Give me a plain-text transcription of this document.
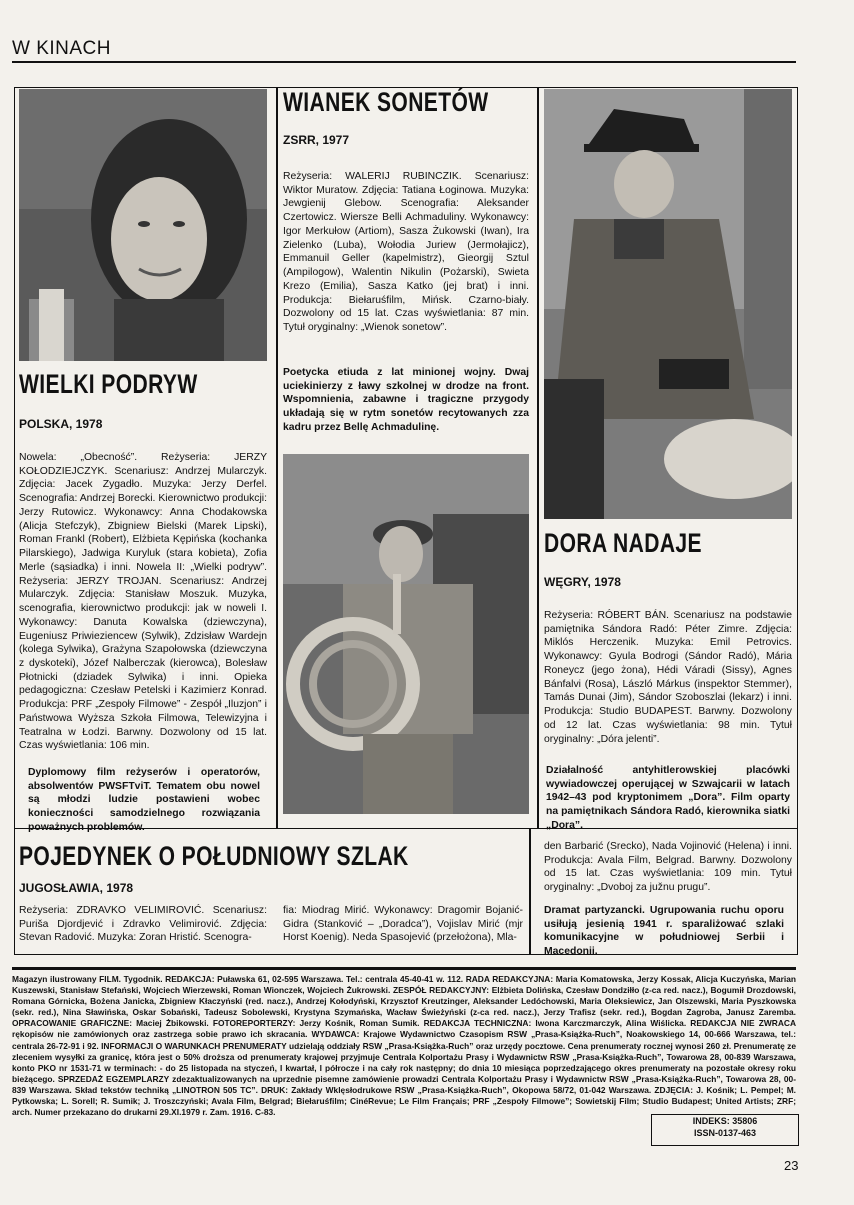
W KINACH
WIELKI PODRYW
POLSKA, 1978
Nowela: „Obecność”. Reżyseria: JERZY KOŁODZIEJCZYK. Scenariusz: Andrzej Mularczyk. Zdjęcia: Jacek Zygadło. Muzyka: Jerzy Derfel. Scenografia: Andrzej Borecki. Kierownictwo produkcji: Jerzy Rutowicz. Wykonawcy: Anna Chodakowska (Alicja Stefczyk), Zbigniew Bielski (Marek Lipski), Roman Frankl (Robert), Elżbieta Kępińska (kochanka Pilarskiego), Jadwiga Kuryluk (stara kobieta), Zofia Merle (sąsiadka) i inni. Nowela II: „Wielki podryw”. Reżyseria: JERZY TROJAN. Scenariusz: Andrzej Mularczyk. Zdjęcia: Stanisław Moszuk. Muzyka, scenografia, kierownictwo produkcji: jak w noweli I. Wykonawcy: Danuta Kowalska (dziewczyna), Eugeniusz Priwieziencew (Sylwik), Zdzisław Wardejn (kolega Sylwika), Grażyna Szapołowska (dziewczyna z dyskoteki), Józef Nalberczak (kierowca), Bolesław Płotnicki (dziadek Sylwika) i inni. Opieka pedagogiczna: Czesław Petelski i Kazimierz Konrad. Produkcja: PRF „Zespoły Filmowe” - Zespół „Iluzjon” i Państwowa Wyższa Szkoła Filmowa, Telewizyjna i Teatralna w Łodzi. Barwny. Dozwolony od 15 lat. Czas wyświetlania: 106 min.
Dyplomowy film reżyserów i operatorów, absolwentów PWSFTviT. Tematem obu nowel są młodzi ludzie postawieni wobec konieczności samodzielnego rozwiązania poważnych problemów.
WIANEK SONETÓW
ZSRR, 1977
Reżyseria: WALERIJ RUBINCZIK. Scenariusz: Wiktor Muratow. Zdjęcia: Tatiana Łoginowa. Muzyka: Jewgienij Glebow. Scenografia: Aleksander Czertowicz. Wiersze Belli Achmaduliny. Wykonawcy: Igor Merkułow (Artiom), Sasza Żukowski (Iwan), Ira Zielenko (Luba), Wołodia Juriew (Jermołajicz), Emmanuil Geller (kapelmistrz), Gieorgij Sztul (Ampilogow), Walentin Nikulin (Pożarski), Swieta Krezo (Emilia), Sasza Katko (jej brat) i inni. Produkcja: Biełaruśfilm, Mińsk. Czarno-biały. Dozwolony od 15 lat. Czas wyświetlania: 87 min. Tytuł oryginalny: „Wienok sonetow”.
Poetycka etiuda z lat minionej wojny. Dwaj uciekinierzy z ławy szkolnej w drodze na front. Wspomnienia, zabawne i tragiczne przygody układają się w rytm sonetów recytowanych zza kadru przez Bellę Achmadulinę.
DORA NADAJE
WĘGRY, 1978
Reżyseria: RÓBERT BÁN. Scenariusz na podstawie pamiętnika Sándora Radó: Péter Zimre. Zdjęcia: Miklós Herczenik. Muzyka: Emil Petrovics. Wykonawcy: Gyula Bodrogi (Sándor Radó), Mária Roneycz (jego żona), Hédi Váradi (Sissy), Agnes Bánfalvi (Rosa), László Márkus (inspektor Stemmer), Tamás Dunai (Jim), Sándor Szoboszlai (lekarz) i inni. Produkcja: Studio BUDAPEST. Barwny. Dozwolony od 12 lat. Czas wyświetlania: 98 min. Tytuł oryginalny: „Dóra jelenti”.
Działalność antyhitlerowskiej placówki wywiadowczej operującej w Szwajcarii w latach 1942–43 pod kryptonimem „Dora”. Film oparty na pamiętnikach Sándora Radó, kierownika siatki „Dora”.
POJEDYNEK O POŁUDNIOWY SZLAK
JUGOSŁAWIA, 1978
Reżyseria: ZDRAVKO VELIMIROVIĆ. Scenariusz: Puriša Djordjević i Zdravko Velimirović. Zdjęcia: Stevan Radović. Muzyka: Zoran Hristić. Scenogra-
fia: Miodrag Mirić. Wykonawcy: Dragomir Bojanić-Gidra (Stanković – „Doradca”), Vojislav Mirić (mjr Horst Koenig). Neda Spasojević (przełożona), Mla-
den Barbarić (Srecko), Nada Vojinović (Helena) i inni. Produkcja: Avala Film, Belgrad. Barwny. Dozwolony od 15 lat. Czas wyświetlania: 109 min. Tytuł oryginalny: „Dvoboj za južnu prugu”.
Dramat partyzancki. Ugrupowania ruchu oporu usiłują jesienią 1941 r. sparaliżować szlaki komunikacyjne w południowej Serbii i Macedonii.
Magazyn ilustrowany FILM. Tygodnik. REDAKCJA: Puławska 61, 02-595 Warszawa. Tel.: centrala 45-40-41 w. 112. RADA REDAKCYJNA: Maria Komatowska, Jerzy Kossak, Alicja Kuczyńska, Marian Kuszewski, Stanisław Stefański, Wojciech Wierzewski, Roman Wionczek, Wojciech Żukrowski. ZESPÓŁ REDAKCYJNY: Elżbieta Dolińska, Czesław Dondziłło (z-ca red. nacz.), Bogumił Drozdowski, Romana Górnicka, Bożena Janicka, Zbigniew Kłaczyński (red. nacz.), Andrzej Kołodyński, Krzysztof Kreutzinger, Aleksander Ledóchowski, Maria Oleksiewicz, Jan Olszewski, Maria Pyszkowska (sekr. red.), Nina Sławińska, Oskar Sobański, Tadeusz Sobolewski, Krystyna Szymańska, Wacław Świeżyński (z-ca red. nacz.), Jerzy Trafisz (sekr. red.), Bogdan Zagroba, Janusz Zaremba. OPRACOWANIE GRAFICZNE: Maciej Żbikowski. FOTOREPORTERZY: Jerzy Kośnik, Roman Sumik. REDAKCJA TECHNICZNA: Iwona Karczmarczyk, Alina Wiślicka. REDAKCJA NIE ZWRACA rękopisów nie zamówionych oraz zastrzega sobie prawo ich skracania. WYDAWCA: Krajowe Wydawnictwo Czasopism RSW „Prasa-Książka-Ruch”, Noakowskiego 14, 00-666 Warszawa, tel.: centrala 26-72-91 i 92. INFORMACJI O WARUNKACH PRENUMERATY udzielają oddziały RSW „Prasa-Książka-Ruch” oraz urzędy pocztowe. Cena prenumeraty rocznej wynosi 260 zł. Prenumeratę ze zleceniem wysyłki za granicę, która jest o 50% droższa od prenumeraty krajowej przyjmuje Centrala Kolportażu Prasy i Wydawnictw RSW „Prasa-Książka-Ruch”, Towarowa 28, 00-839 Warszawa, konto PKO nr 1531-71 w terminach: - do 25 listopada na styczeń, I kwartał, I półrocze i na cały rok następny; do dnia 10 miesiąca poprzedzającego okres prenumeraty na pozostałe okresy roku bieżącego. SPRZEDAŻ EGZEMPLARZY zdezaktualizowanych na uprzednie pisemne zamówienie prowadzi Centrala Kolportażu Prasy i Wydawnictw RSW „Prasa-Książka-Ruch”, Towarowa 28, 00-839 Warszawa. Skład tekstów techniką „LINOTRON 505 TC”. DRUK: Zakłady Wklęsłodrukowe RSW „Prasa-Książka-Ruch”, Okopowa 58/72, 01-042 Warszawa. ZDJĘCIA: J. Kośnik; L. Pempel; M. Pytkowska; L. Sorell; R. Sumik; J. Troszczyński; Avala Film, Belgrad; Biełaruśfilm; CinéRevue; Le Film Français; PRF „Zespoły Filmowe”; Sowietskij Film; Studio Budapest; United Artists; ZRF; arch. Numer przekazano do drukarni 29.XI.1979 r. Zam. 1916. C-83.
INDEKS: 35806
ISSN-0137-463
23
